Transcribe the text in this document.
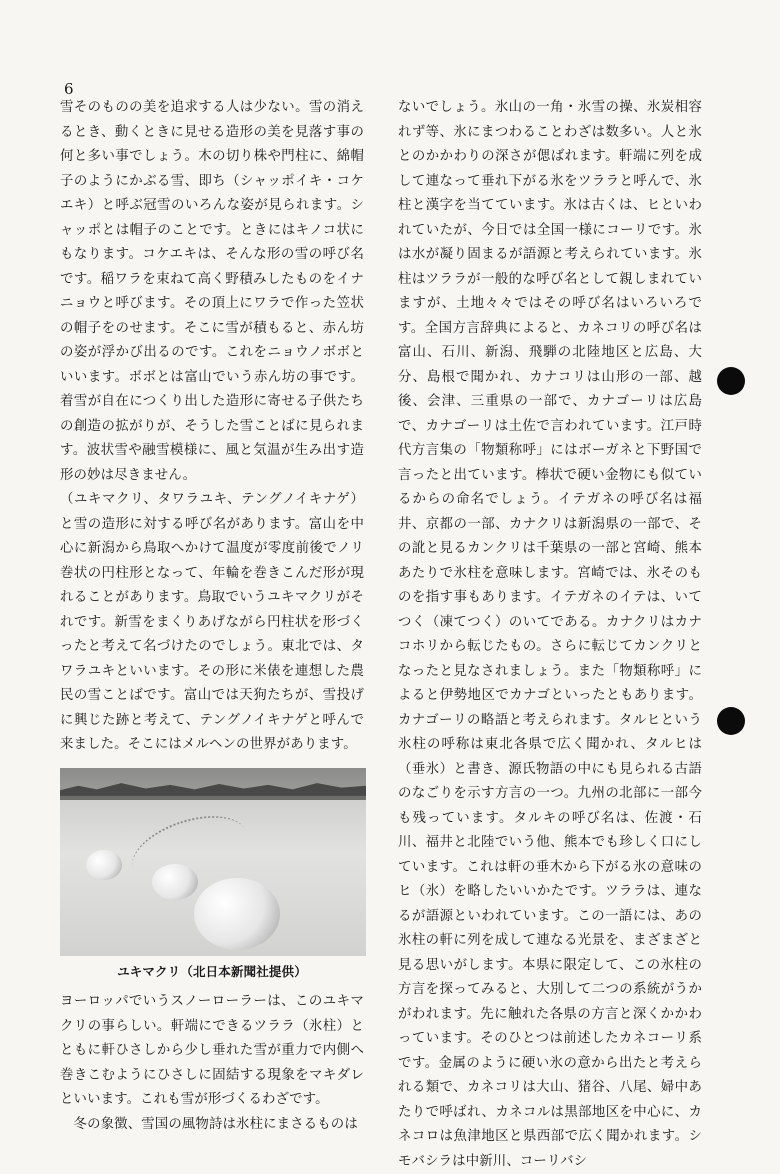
6

雪そのものの美を追求する人は少ない。雪の消えるとき、動くときに見せる造形の美を見落す事の何と多い事でしょう。木の切り株や門柱に、綿帽子のようにかぶる雪、即ち（シャッポイキ・コケエキ）と呼ぶ冠雪のいろんな姿が見られます。シャッポとは帽子のことです。ときにはキノコ状にもなります。コケエキは、そんな形の雪の呼び名です。稲ワラを束ねて高く野積みしたものをイナニョウと呼びます。その頂上にワラで作った笠状の帽子をのせます。そこに雪が積もると、赤ん坊の姿が浮かび出るのです。これをニョウノボボといいます。ボボとは富山でいう赤ん坊の事です。着雪が自在につくり出した造形に寄せる子供たちの創造の拡がりが、そうした雪ことばに見られます。波状雪や融雪模様に、風と気温が生み出す造形の妙は尽きません。

（ユキマクリ、タワラユキ、テングノイキナゲ）と雪の造形に対する呼び名があります。富山を中心に新潟から鳥取へかけて温度が零度前後でノリ巻状の円柱形となって、年輪を巻きこんだ形が現れることがあります。鳥取でいうユキマクリがそれです。新雪をまくりあげながら円柱状を形づくったと考えて名づけたのでしょう。東北では、タワラユキといいます。その形に米俵を連想した農民の雪ことばです。富山では天狗たちが、雪投げに興じた跡と考えて、テングノイキナゲと呼んで来ました。そこにはメルヘンの世界があります。

ユキマクリ（北日本新聞社提供）

ヨーロッパでいうスノーローラーは、このユキマクリの事らしい。軒端にできるツララ（氷柱）とともに軒ひさしから少し垂れた雪が重力で内側へ巻きこむようにひさしに固結する現象をマキダレといいます。これも雪が形づくるわざです。

　冬の象徴、雪国の風物詩は氷柱にまさるものは

ないでしょう。氷山の一角・氷雪の操、氷炭相容れず等、氷にまつわることわざは数多い。人と氷とのかかわりの深さが偲ばれます。軒端に列を成して連なって垂れ下がる氷をツララと呼んで、氷柱と漢字を当てています。氷は古くは、ヒといわれていたが、今日では全国一様にコーリです。氷は水が凝り固まるが語源と考えられています。氷柱はツララが一般的な呼び名として親しまれていますが、土地々々ではその呼び名はいろいろです。全国方言辞典によると、カネコリの呼び名は富山、石川、新潟、飛騨の北陸地区と広島、大分、島根で聞かれ、カナコリは山形の一部、越後、会津、三重県の一部で、カナゴーリは広島で、カナゴーリは土佐で言われています。江戸時代方言集の「物類称呼」にはボーガネと下野国で言ったと出ています。棒状で硬い金物にも似ているからの命名でしょう。イテガネの呼び名は福井、京都の一部、カナクリは新潟県の一部で、その訛と見るカンクリは千葉県の一部と宮崎、熊本あたりで氷柱を意味します。宮崎では、氷そのものを指す事もあります。イテガネのイテは、いてつく（凍てつく）のいてである。カナクリはカナコホリから転じたもの。さらに転じてカンクリとなったと見なされましょう。また「物類称呼」によると伊勢地区でカナゴといったともあります。カナゴーリの略語と考えられます。タルヒという氷柱の呼称は東北各県で広く聞かれ、タルヒは（垂氷）と書き、源氏物語の中にも見られる古語のなごりを示す方言の一つ。九州の北部に一部今も残っています。タルキの呼び名は、佐渡・石川、福井と北陸でいう他、熊本でも珍しく口にしています。これは軒の垂木から下がる氷の意味のヒ（氷）を略したいいかたです。ツララは、連なるが語源といわれています。この一語には、あの氷柱の軒に列を成して連なる光景を、まざまざと見る思いがします。本県に限定して、この氷柱の方言を探ってみると、大別して二つの系統がうかがわれます。先に触れた各県の方言と深くかかわっています。そのひとつは前述したカネコーリ系です。金属のように硬い氷の意から出たと考えられる類で、カネコリは大山、猪谷、八尾、婦中あたりで呼ばれ、カネコルは黒部地区を中心に、カネコロは魚津地区と県西部で広く聞かれます。シモバシラは中新川、コーリバシ
